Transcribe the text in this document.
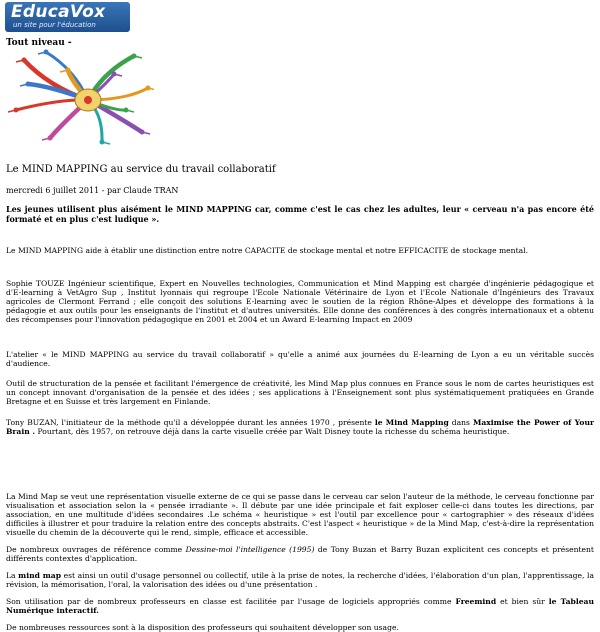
EducaVox
un site pour l'éducation
Tout niveau -
Le MIND MAPPING au service du travail collaboratif
mercredi 6 juillet 2011 - par Claude TRAN

Les jeunes utilisent plus aisément le MIND MAPPING car, comme c'est le cas chez les adultes, leur « cerveau n'a pas encore été formaté et en plus c'est ludique ».

Le MIND MAPPING aide à établir une distinction entre notre CAPACITE de stockage mental et notre EFFICACITE de stockage mental.

Sophie TOUZE Ingénieur scientifique, Expert en Nouvelles technologies, Communication et Mind Mapping est chargée d'ingénierie pédagogique et d'E-learning à VetAgro Sup , Institut lyonnais qui regroupe l'Ecole Nationale Vétérinaire de Lyon et l'Ecole Nationale d'Ingénieurs des Travaux agricoles de Clermont Ferrand ; elle conçoit des solutions E-learning avec le soutien de la région Rhône-Alpes et développe des formations à la pédagogie et aux outils pour les enseignants de l'institut et d'autres universités. Elle donne des conférences à des congrès internationaux et a obtenu des récompenses pour l'innovation pédagogique en 2001 et 2004 et un Award E-learning Impact en 2009

L'atelier « le MIND MAPPING au service du travail collaboratif » qu'elle a animé aux journées du E-learning de Lyon a eu un véritable succès d'audience.

Outil de structuration de la pensée et facilitant l'émergence de créativité, les Mind Map plus connues en France sous le nom de cartes heuristiques est un concept innovant d'organisation de la pensée et des idées ; ses applications à l'Enseignement sont plus systématiquement pratiquées en Grande Bretagne et en Suisse et très largement en Finlande.

Tony BUZAN, l'initiateur de la méthode qu'il a développée durant les années 1970 , présente le Mind Mapping dans Maximise the Power of Your Brain . Pourtant, dès 1957, on retrouve déjà dans la carte visuelle créée par Walt Disney toute la richesse du schéma heuristique.

La Mind Map se veut une représentation visuelle externe de ce qui se passe dans le cerveau car selon l'auteur de la méthode, le cerveau fonctionne par visualisation et association selon la « pensée irradiante ». Il débute par une idée principale et fait exploser celle-ci dans toutes les directions, par association, en une multitude d'idées secondaires .Le schéma « heuristique » est l'outil par excellence pour « cartographier » des réseaux d'idées difficiles à illustrer et pour traduire la relation entre des concepts abstraits. C'est l'aspect « heuristique » de la Mind Map, c'est-à-dire la représentation visuelle du chemin de la découverte qui le rend, simple, efficace et accessible.

De nombreux ouvrages de référence comme Dessine-moi l'intelligence (1995) de Tony Buzan et Barry Buzan explicitent ces concepts et présentent différents contextes d'application.

La mind map est ainsi un outil d'usage personnel ou collectif, utile à la prise de notes, la recherche d'idées, l'élaboration d'un plan, l'apprentissage, la révision, la mémorisation, l'oral, la valorisation des idées ou d'une présentation .

Son utilisation par de nombreux professeurs en classe est facilitée par l'usage de logiciels appropriés comme Freemind et bien sûr le Tableau Numérique interactif.

De nombreuses ressources sont à la disposition des professeurs qui souhaitent développer son usage.
